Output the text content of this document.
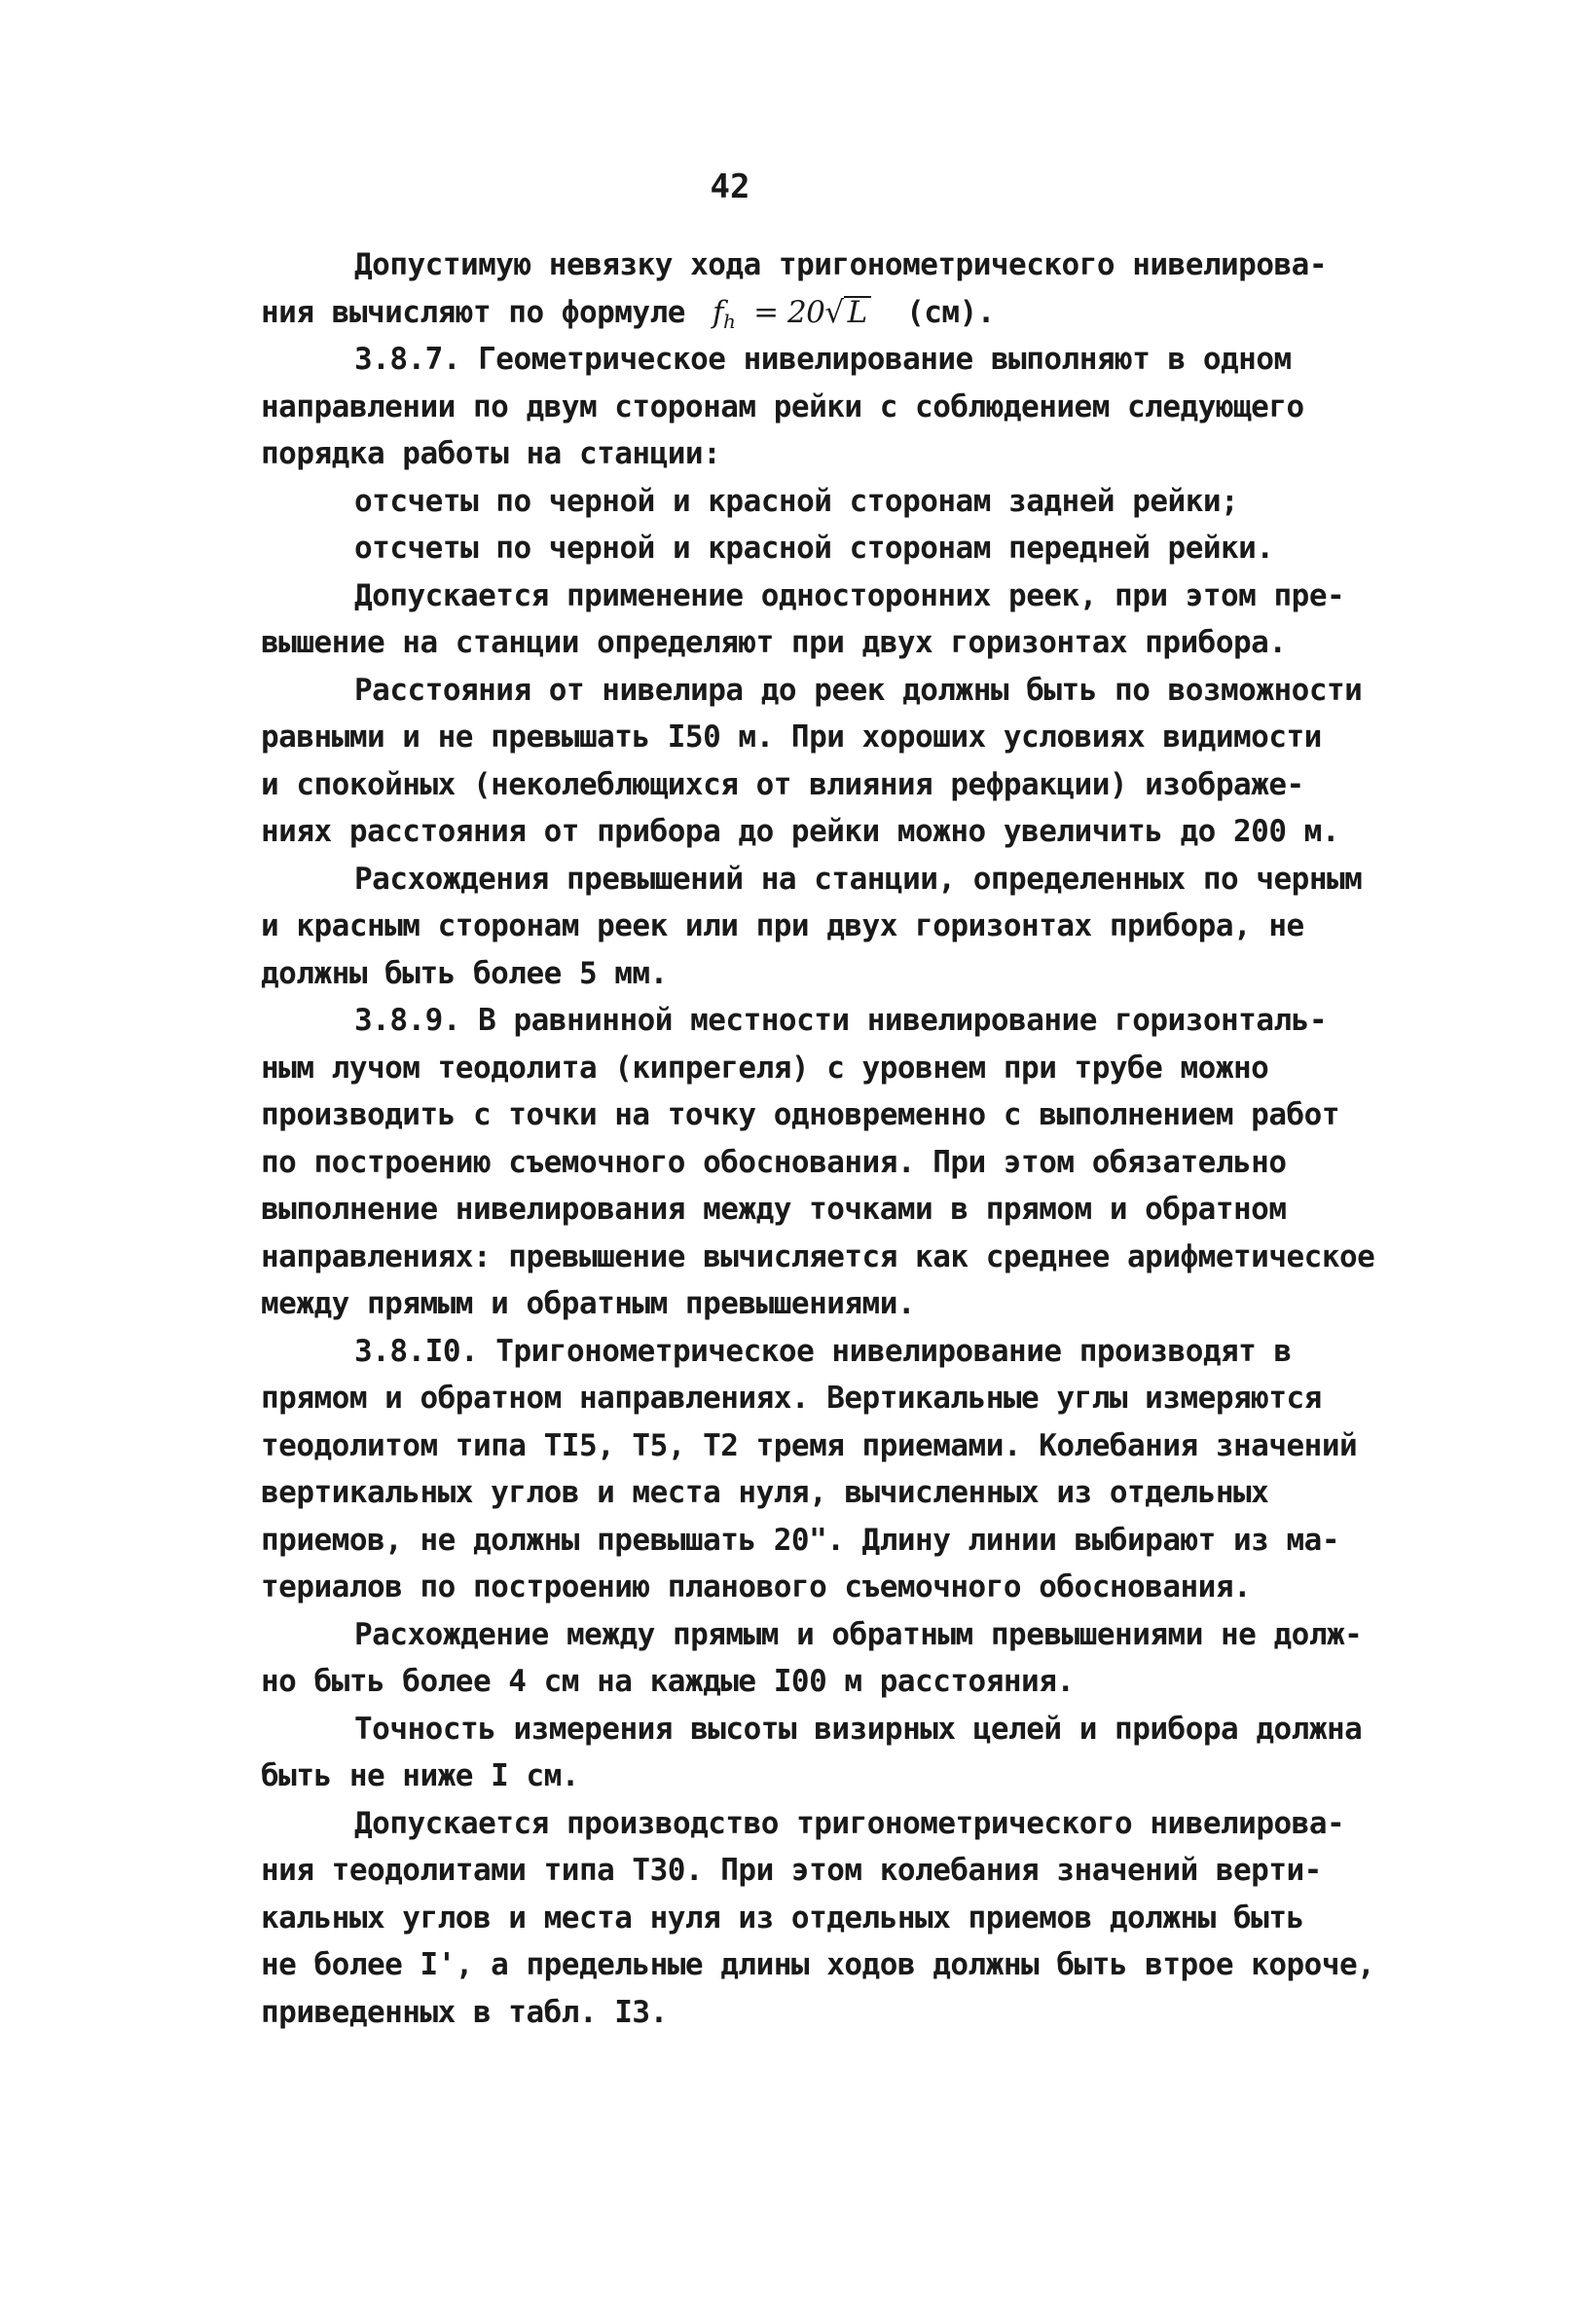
42
Допустимую невязку хода тригонометрического нивелирова-
ния вычисляют по формуле $f_h = 20√$ L (см).
3.8.7. Геометрическое нивелирование выполняют в одном
направлении по двум сторонам рейки с соблюдением следующего
порядка работы на станции:
отсчеты по черной и красной сторонам задней рейки;
отсчеты по черной и красной сторонам передней рейки.
Допускается применение односторонних реек, при этом пре-
вышение на станции определяют при двух горизонтах прибора.
Расстояния от нивелира до реек должны быть по возможности
равными и не превышать I50 м. При хороших условиях видимости
и спокойных (неколеблющихся от влияния рефракции) изображе-
ниях расстояния от прибора до рейки можно увеличить до 200 м.
Расхождения превышений на станции, определенных по черным
и красным сторонам реек или при двух горизонтах прибора, не
должны быть более 5 мм.
3.8.9. В равнинной местности нивелирование горизонталь-
ным лучом теодолита (кипрегеля) с уровнем при трубе можно
производить с точки на точку одновременно с выполнением работ
по построению съемочного обоснования. При этом обязательно
выполнение нивелирования между точками в прямом и обратном
направлениях: превышение вычисляется как среднее арифметическое
между прямым и обратным превышениями.
3.8.I0. Тригонометрическое нивелирование производят в
прямом и обратном направлениях. Вертикальные углы измеряются
теодолитом типа TI5, T5, T2 тремя приемами. Колебания значений
вертикальных углов и места нуля, вычисленных из отдельных
приемов, не должны превышать 20". Длину линии выбирают из ма-
териалов по построению планового съемочного обоснования.
Расхождение между прямым и обратным превышениями не долж-
но быть более 4 см на каждые I00 м расстояния.
Точность измерения высоты визирных целей и прибора должна
быть не ниже I см.
Допускается производство тригонометрического нивелирова-
ния теодолитами типа T30. При этом колебания значений верти-
кальных углов и места нуля из отдельных приемов должны быть
не более I', а предельные длины ходов должны быть втрое короче,
приведенных в табл. I3.
